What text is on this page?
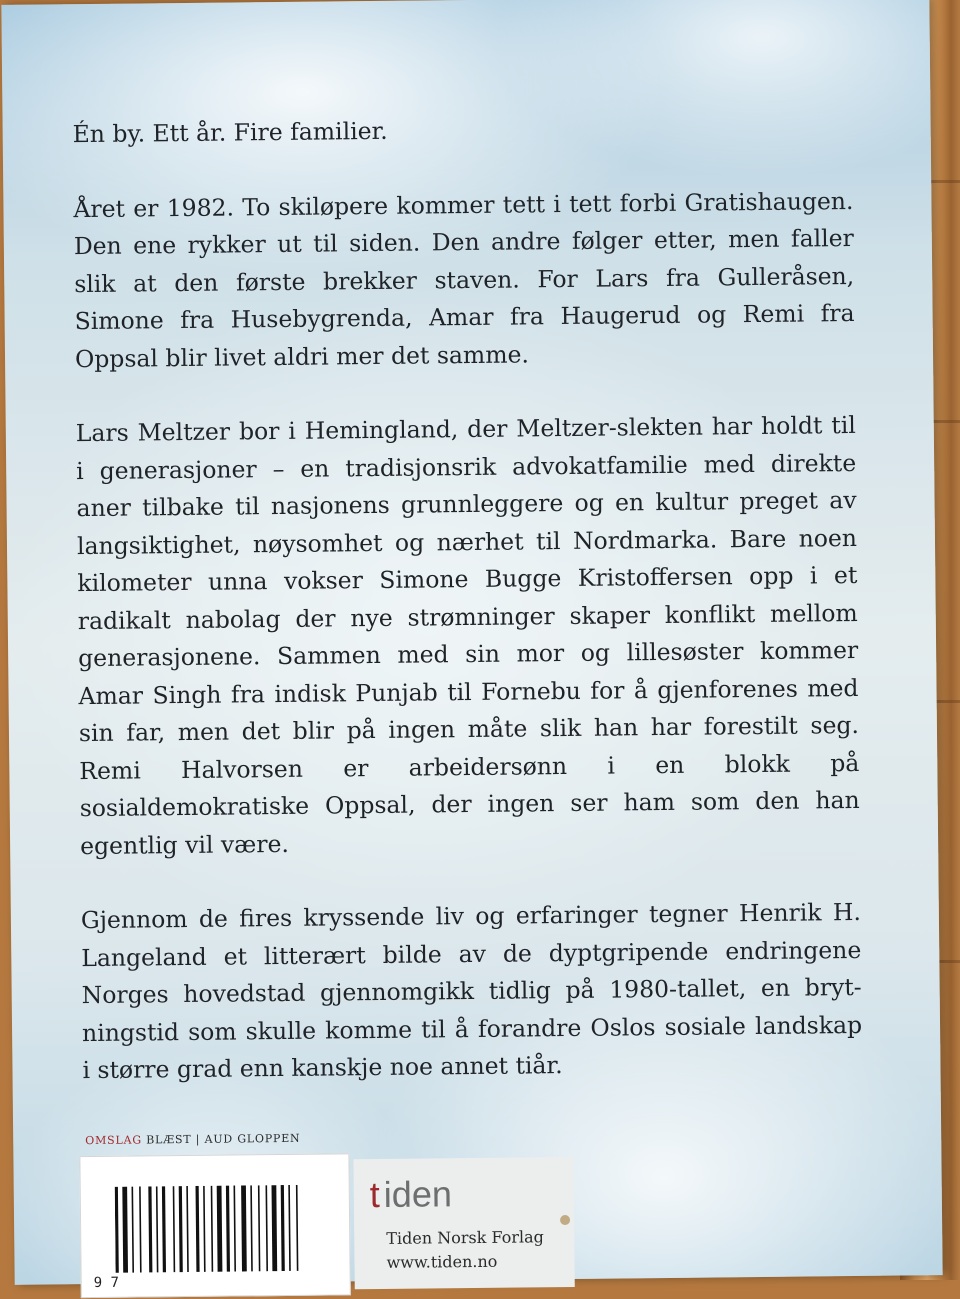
Én by. Ett år. Fire familier.

Året er 1982. To skiløpere kommer tett i tett forbi Gratishaugen. Den ene rykker ut til siden. Den andre følger etter, men faller slik at den første brekker staven. For Lars fra Gulleråsen, Simone fra Husebygrenda, Amar fra Haugerud og Remi fra Oppsal blir livet aldri mer det samme.

Lars Meltzer bor i Hemingland, der Meltzer-slekten har holdt til i generasjoner – en tradisjonsrik advokatfamilie med direkte aner tilbake til nasjonens grunnleggere og en kultur preget av langsiktighet, nøysomhet og nærhet til Nordmarka. Bare noen kilometer unna vokser Simone Bugge Kristoffersen opp i et radikalt nabolag der nye strømninger skaper konflikt mellom generasjonene. Sammen med sin mor og lillesøster kommer Amar Singh fra indisk Punjab til Fornebu for å gjenforenes med sin far, men det blir på ingen måte slik han har forestilt seg. Remi Halvorsen er arbeidersønn i en blokk på sosialdemokratiske Oppsal, der ingen ser ham som den han egentlig vil være.

Gjennom de fires kryssende liv og erfaringer tegner Henrik H. Langeland et litterært bilde av de dyptgripende endringene Norges hovedstad gjennomgikk tidlig på 1980-tallet, en brytningstid som skulle komme til å forandre Oslos sosiale landskap i større grad enn kanskje noe annet tiår.

OMSLAG BLÆST | AUD GLOPPEN
9 7
t iden
Tiden Norsk Forlag
www.tiden.no
